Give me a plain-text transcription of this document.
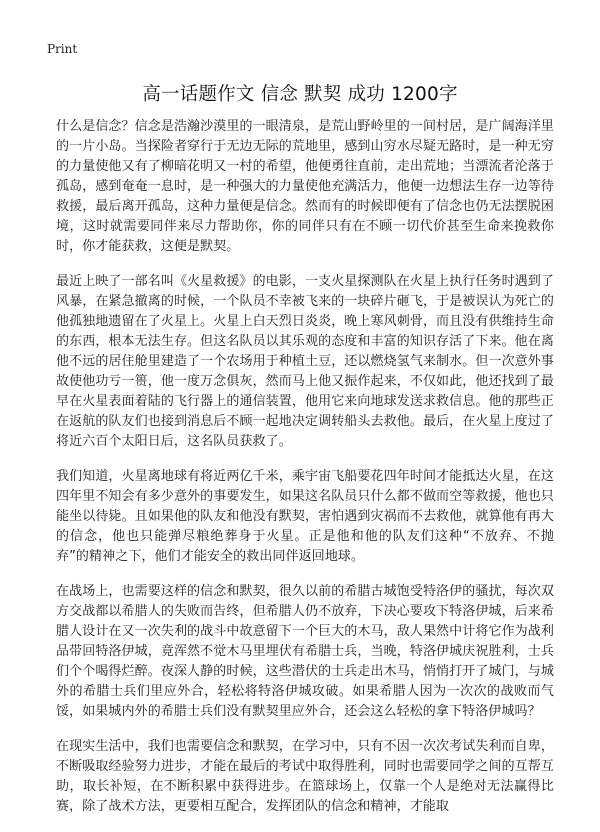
Print
高一话题作文 信念 默契 成功 1200字

什么是信念？信念是浩瀚沙漠里的一眼清泉，是荒山野岭里的一间村居，是广阔海洋里的一片小岛。当探险者穿行于无边无际的荒地里，感到山穷水尽疑无路时，是一种无穷的力量使他又有了柳暗花明又一村的希望，他便勇往直前，走出荒地；当漂流者沦落于孤岛，感到奄奄一息时，是一种强大的力量使他充满活力，他便一边想法生存一边等待救援，最后离开孤岛，这种力量便是信念。然而有的时候即便有了信念也仍无法摆脱困境，这时就需要同伴来尽力帮助你，你的同伴只有在不顾一切代价甚至生命来挽救你时，你才能获救，这便是默契。

最近上映了一部名叫《火星救援》的电影，一支火星探测队在火星上执行任务时遇到了风暴，在紧急撤离的时候，一个队员不幸被飞来的一块碎片砸飞，于是被误认为死亡的他孤独地遗留在了火星上。火星上白天烈日炎炎，晚上寒风刺骨，而且没有供维持生命的东西，根本无法生存。但这名队员以其乐观的态度和丰富的知识存活了下来。他在离他不远的居住舱里建造了一个农场用于种植土豆，还以燃烧氢气来制水。但一次意外事故使他功亏一篑，他一度万念俱灰，然而马上他又振作起来，不仅如此，他还找到了最早在火星表面着陆的飞行器上的通信装置，他用它来向地球发送求救信息。他的那些正在返航的队友们也接到消息后不顾一起地决定调转船头去救他。最后，在火星上度过了将近六百个太阳日后，这名队员获救了。

我们知道，火星离地球有将近两亿千米，乘宇宙飞船要花四年时间才能抵达火星，在这四年里不知会有多少意外的事要发生，如果这名队员只什么都不做而空等救援，他也只能坐以待毙。且如果他的队友和他没有默契，害怕遇到灾祸而不去救他，就算他有再大的信念，他也只能弹尽粮绝葬身于火星。正是他和他的队友们这种“不放弃、不抛弃”的精神之下，他们才能安全的救出同伴返回地球。

在战场上，也需要这样的信念和默契，很久以前的希腊古城饱受特洛伊的骚扰，每次双方交战都以希腊人的失败而告终，但希腊人仍不放弃，下决心要攻下特洛伊城，后来希腊人设计在又一次失利的战斗中故意留下一个巨大的木马，敌人果然中计将它作为战利品带回特洛伊城，竟浑然不觉木马里埋伏有希腊士兵，当晚，特洛伊城庆祝胜利，士兵们个个喝得烂醉。夜深人静的时候，这些潜伏的士兵走出木马，悄悄打开了城门，与城外的希腊士兵们里应外合，轻松将特洛伊城攻破。如果希腊人因为一次次的战败而气馁，如果城内外的希腊士兵们没有默契里应外合，还会这么轻松的拿下特洛伊城吗？

在现实生活中，我们也需要信念和默契，在学习中，只有不因一次次考试失利而自卑，不断吸取经验努力进步，才能在最后的考试中取得胜利，同时也需要同学之间的互帮互助，取长补短，在不断积累中获得进步。在篮球场上，仅靠一个人是绝对无法赢得比赛，除了战术方法，更要相互配合，发挥团队的信念和精神，才能取
